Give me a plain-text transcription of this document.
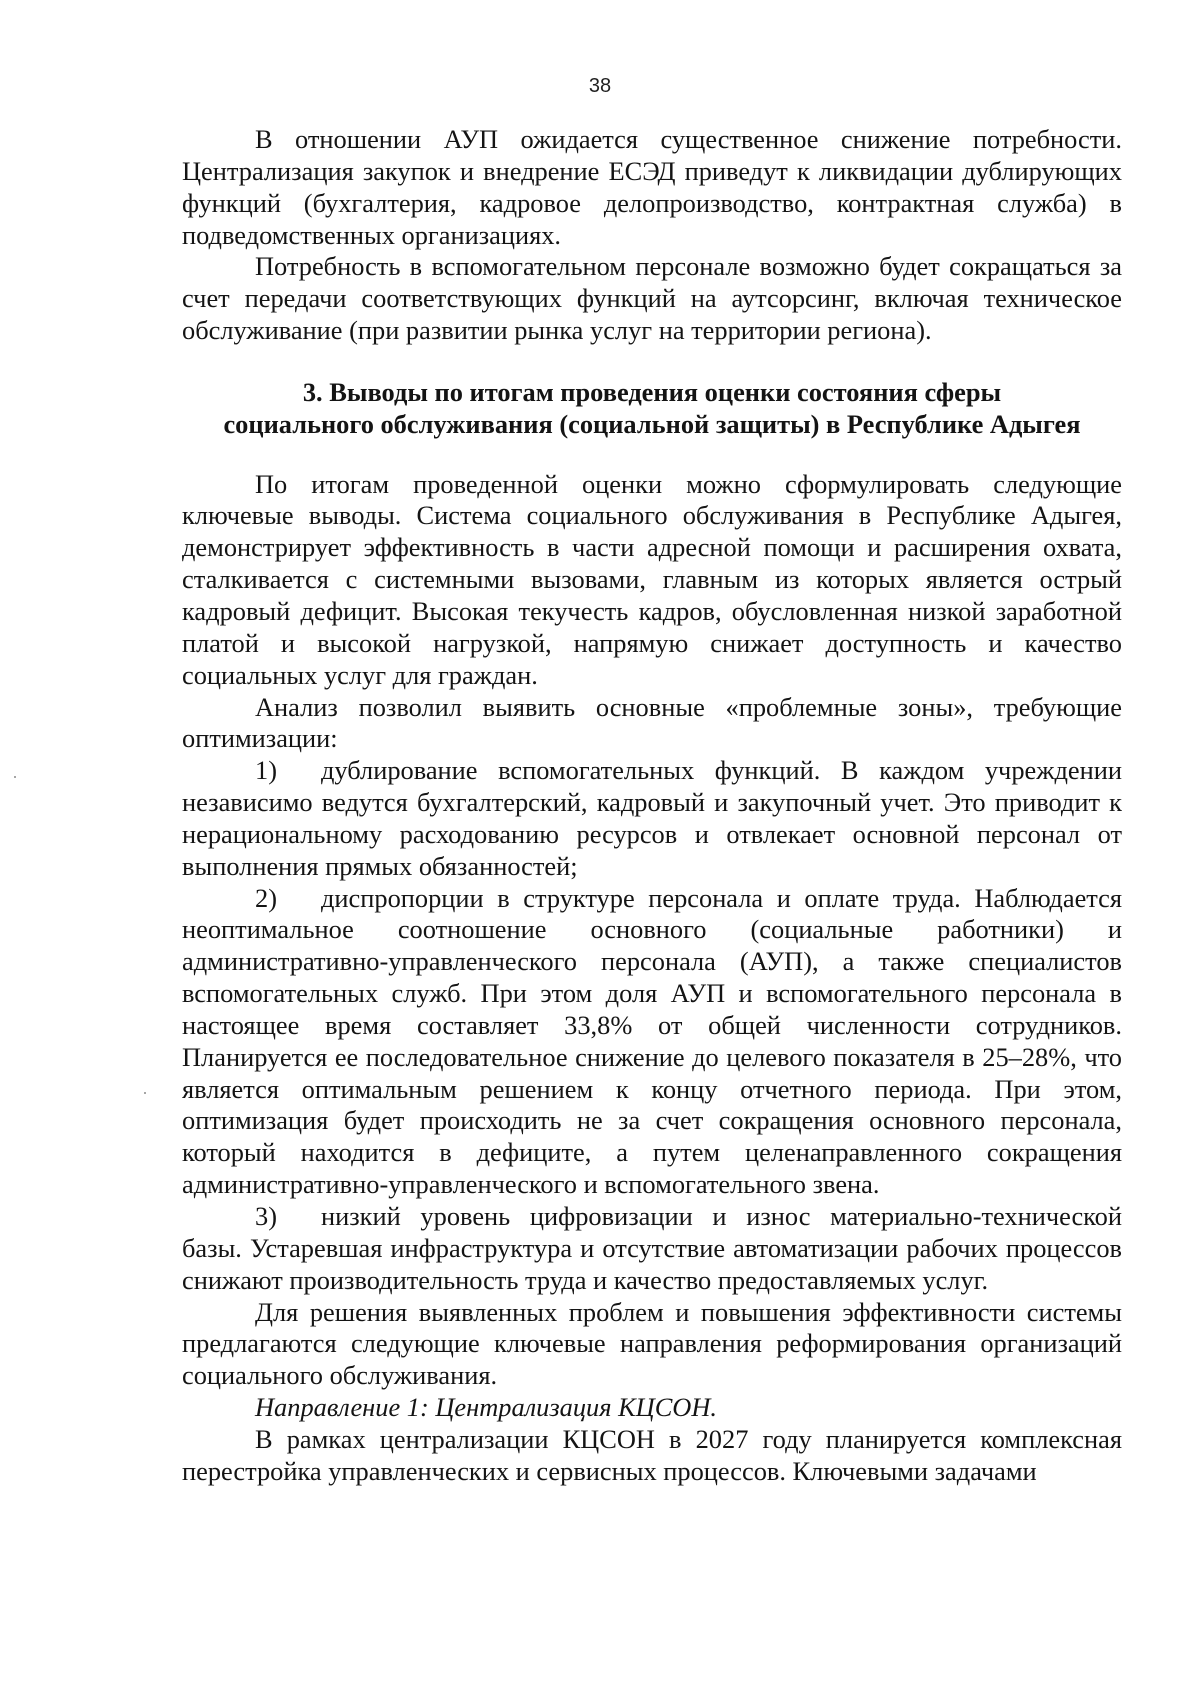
38

В отношении АУП ожидается существенное снижение потребности. Централизация закупок и внедрение ЕСЭД приведут к ликвидации дублирующих функций (бухгалтерия, кадровое делопроизводство, контрактная служба) в подведомственных организациях.

Потребность в вспомогательном персонале возможно будет сокращаться за счет передачи соответствующих функций на аутсорсинг, включая техническое обслуживание (при развитии рынка услуг на территории региона).

3. Выводы по итогам проведения оценки состояния сферы
социального обслуживания (социальной защиты) в Республике Адыгея

По итогам проведенной оценки можно сформулировать следующие ключевые выводы. Система социального обслуживания в Республике Адыгея, демонстрирует эффективность в части адресной помощи и расширения охвата, сталкивается с системными вызовами, главным из которых является острый кадровый дефицит. Высокая текучесть кадров, обусловленная низкой заработной платой и высокой нагрузкой, напрямую снижает доступность и качество социальных услуг для граждан.

Анализ позволил выявить основные «проблемные зоны», требующие оптимизации:

1) дублирование вспомогательных функций. В каждом учреждении независимо ведутся бухгалтерский, кадровый и закупочный учет. Это приводит к нерациональному расходованию ресурсов и отвлекает основной персонал от выполнения прямых обязанностей;

2) диспропорции в структуре персонала и оплате труда. Наблюдается неоптимальное соотношение основного (социальные работники) и административно-управленческого персонала (АУП), а также специалистов вспомогательных служб. При этом доля АУП и вспомогательного персонала в настоящее время составляет 33,8% от общей численности сотрудников. Планируется ее последовательное снижение до целевого показателя в 25–28%, что является оптимальным решением к концу отчетного периода. При этом, оптимизация будет происходить не за счет сокращения основного персонала, который находится в дефиците, а путем целенаправленного сокращения административно-управленческого и вспомогательного звена.

3) низкий уровень цифровизации и износ материально-технической базы. Устаревшая инфраструктура и отсутствие автоматизации рабочих процессов снижают производительность труда и качество предоставляемых услуг.

Для решения выявленных проблем и повышения эффективности системы предлагаются следующие ключевые направления реформирования организаций социального обслуживания.

Направление 1: Централизация КЦСОН.

В рамках централизации КЦСОН в 2027 году планируется комплексная перестройка управленческих и сервисных процессов. Ключевыми задачами
